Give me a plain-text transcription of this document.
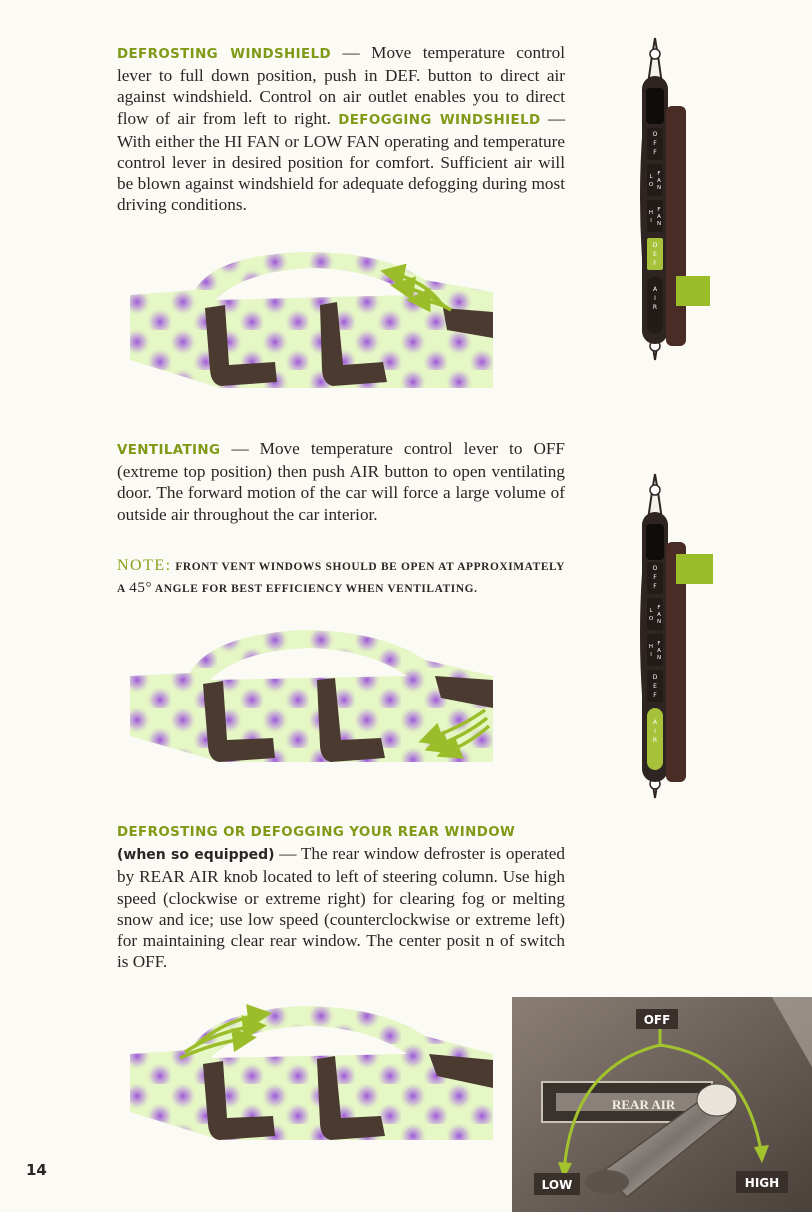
DEFROSTING WINDSHIELD — Move temperature control lever to full down position, push in DEF. button to direct air against windshield. Control on air outlet enables you to direct flow of air from left to right. DEFOGGING WINDSHIELD — With either the HI FAN or LOW FAN operating and temperature control lever in desired position for comfort. Sufficient air will be blown against windshield for adequate defogging during most driving conditions.

O
F
F
L
O
F
A
N
H
I
F
A
N
D
E
F
A
I
R

VENTILATING — Move temperature control lever to OFF (extreme top position) then push AIR button to open ventilating door. The forward motion of the car will force a large volume of outside air throughout the car interior.

NOTE: FRONT VENT WINDOWS SHOULD BE OPEN AT APPROXIMATELY A 45° ANGLE FOR BEST EFFICIENCY WHEN VENTILATING.

O
F
F
L
O
F
A
N
H
I
F
A
N
D
E
F
A
I
R

DEFROSTING OR DEFOGGING YOUR REAR WINDOW
(when so equipped) — The rear window defroster is operated by REAR AIR knob located to left of steering column. Use high speed (clockwise or extreme right) for clearing fog or melting snow and ice; use low speed (counterclockwise or extreme left) for maintaining clear rear window. The center posit n of switch is OFF.

REAR AIR
OFF
LOW	HIGH
14
